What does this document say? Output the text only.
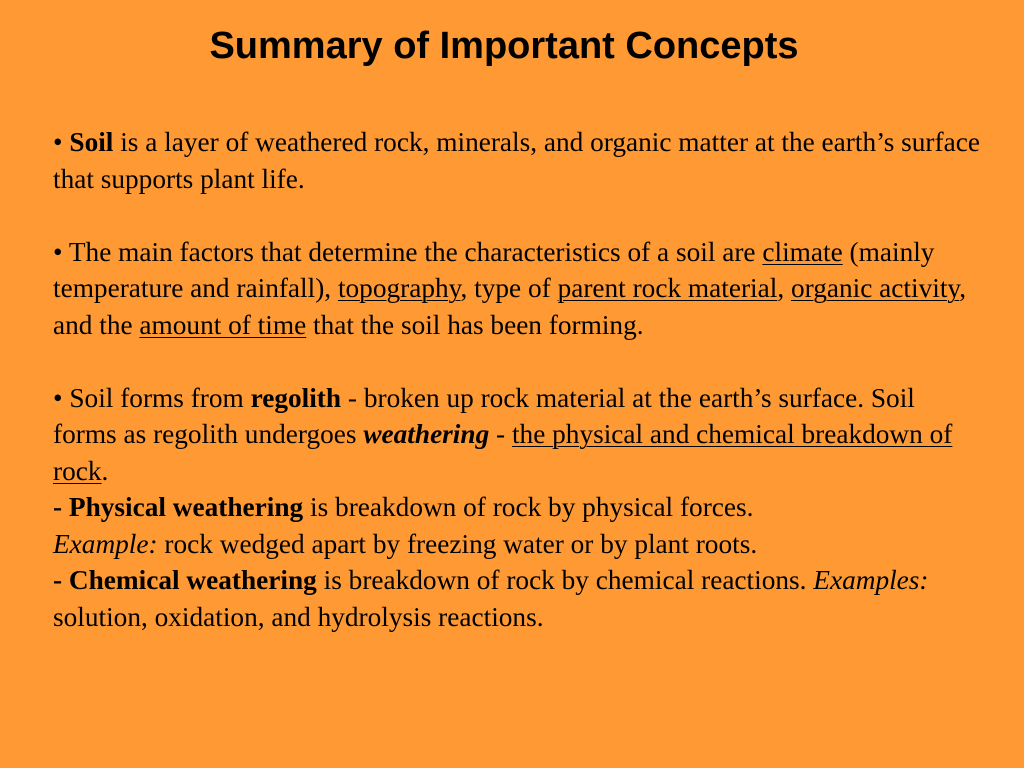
Summary of Important Concepts

• Soil is a layer of weathered rock, minerals, and organic matter at the earth’s surface that supports plant life.

• The main factors that determine the characteristics of a soil are climate (mainly temperature and rainfall), topography, type of parent rock material, organic activity, and the amount of time that the soil has been forming.

• Soil forms from regolith - broken up rock material at the earth’s surface. Soil forms as regolith undergoes weathering - the physical and chemical breakdown of rock.

- Physical weathering is breakdown of rock by physical forces.
Example: rock wedged apart by freezing water or by plant roots.

- Chemical weathering is breakdown of rock by chemical reactions. Examples: solution, oxidation, and hydrolysis reactions.
